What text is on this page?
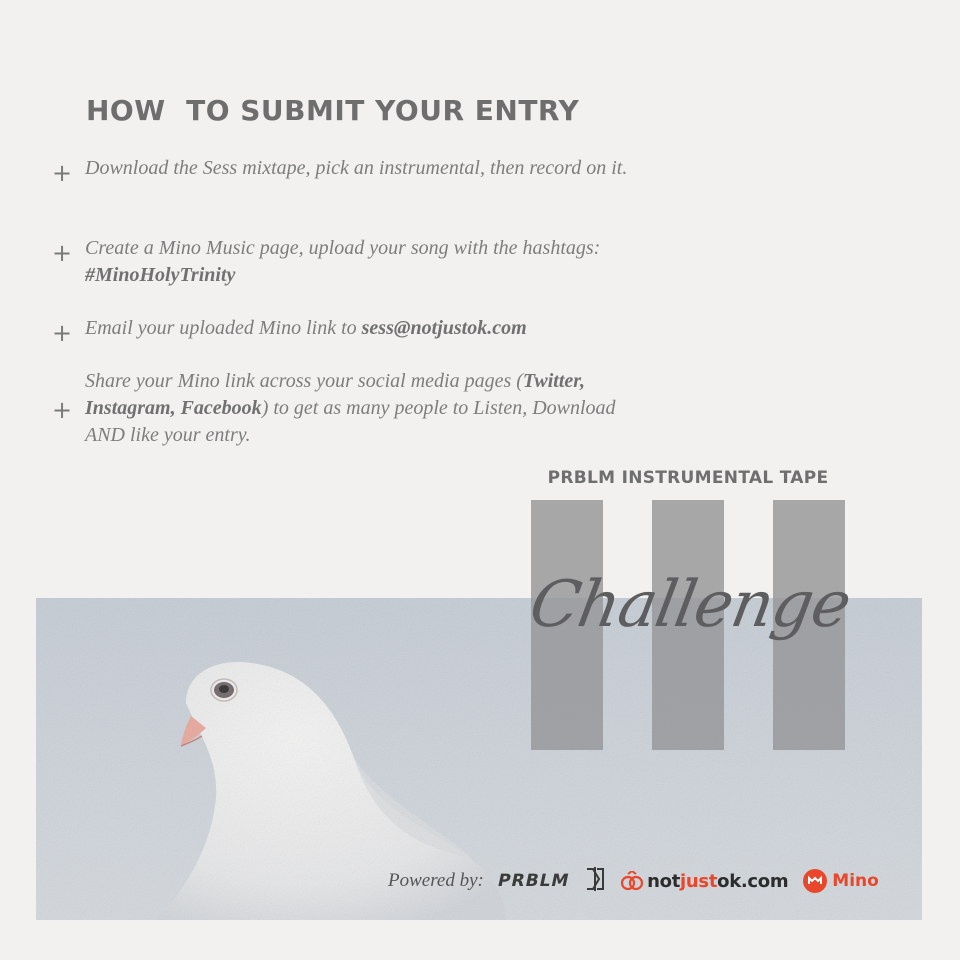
HOW  TO SUBMIT YOUR ENTRY
+ Download the Sess mixtape, pick an instrumental, then record on it.
+ Create a Mino Music page, upload your song with the hashtags: #MinoHolyTrinity
+ Email your uploaded Mino link to sess@notjustok.com
+
Share your Mino link across your social media pages (Twitter, Instagram, Facebook) to get as many people to Listen, Download AND like your entry.
PRBLM INSTRUMENTAL TAPE
Challenge
Powered by: PRBLM	notjustok.com	Mino
